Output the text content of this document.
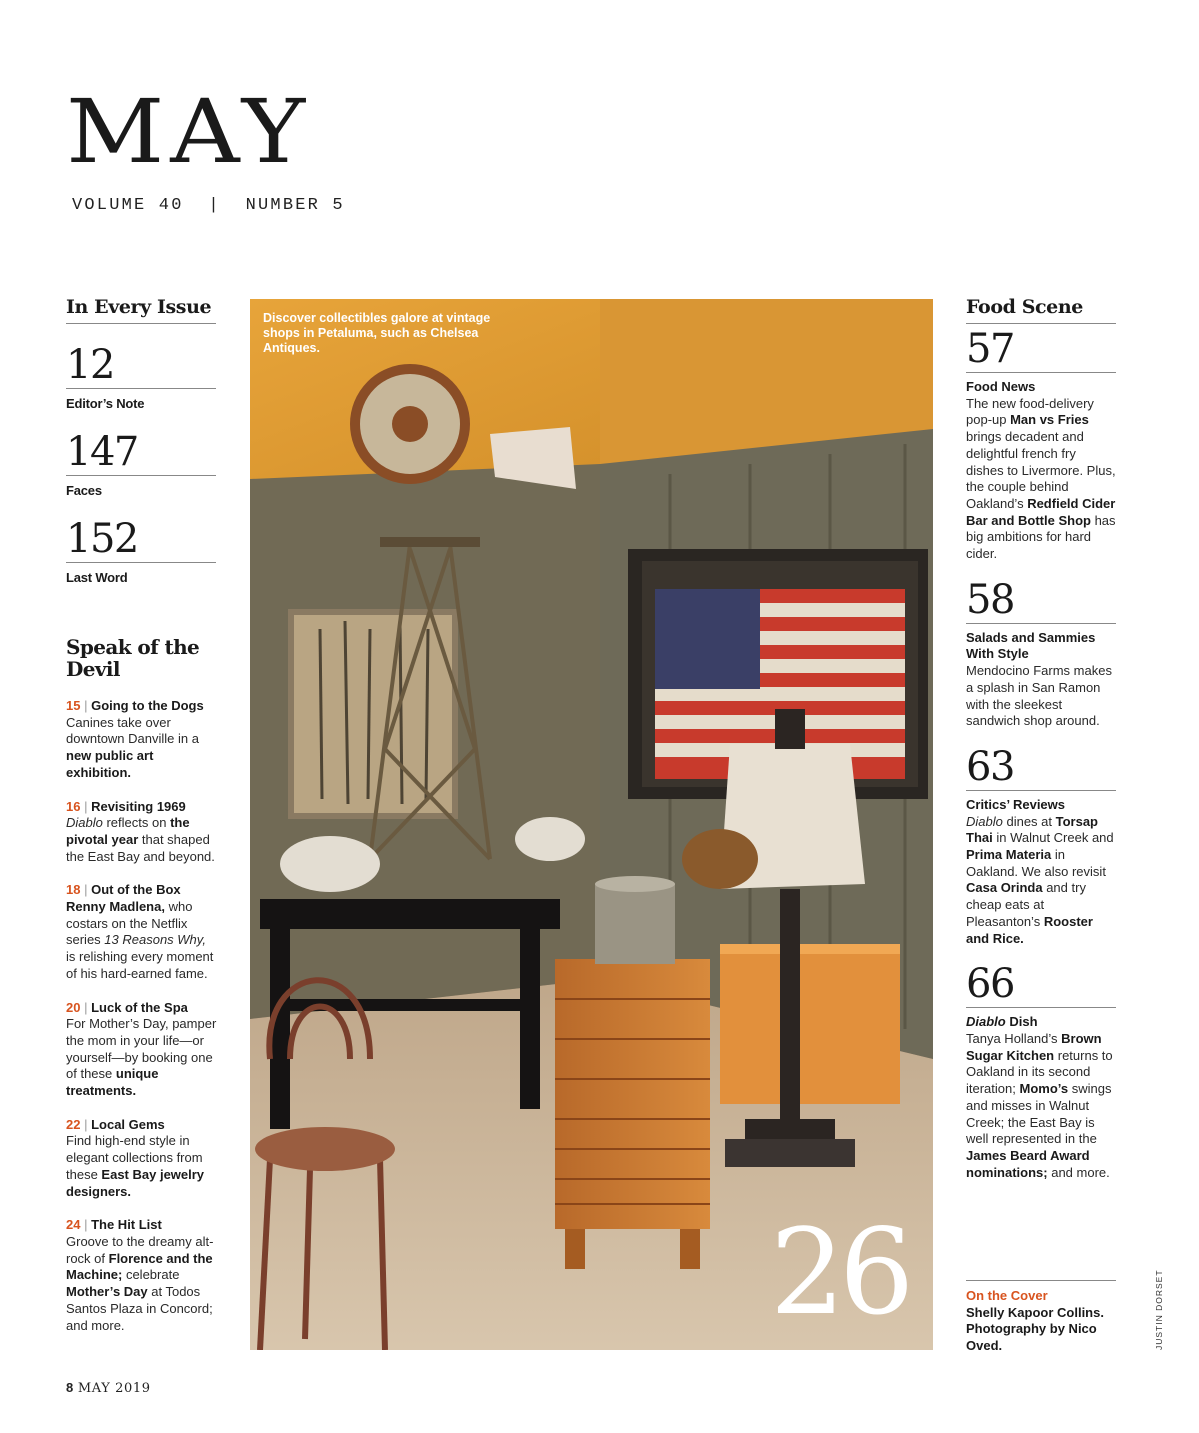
MAY
VOLUME 40  |  NUMBER 5
In Every Issue
12
Editor’s Note
147
Faces
152
Last Word
Speak of the Devil
15 | Going to the Dogs
Canines take over downtown Danville in a new public art exhibition.
16 | Revisiting 1969
Diablo reflects on the pivotal year that shaped the East Bay and beyond.
18 | Out of the Box
Renny Madlena, who costars on the Netflix series 13 Reasons Why, is relishing every moment of his hard-earned fame.
20 | Luck of the Spa
For Mother’s Day, pamper the mom in your life—or yourself—by booking one of these unique treatments.
22 | Local Gems
Find high-end style in elegant collections from these East Bay jewelry designers.
24 | The Hit List
Groove to the dreamy alt-rock of Florence and the Machine; celebrate Mother’s Day at Todos Santos Plaza in Concord; and more.
Discover collectibles galore at vintage shops in Petaluma, such as Chelsea Antiques.
26
Food Scene
57
Food News
The new food-delivery pop-up Man vs Fries brings decadent and delightful french fry dishes to Livermore. Plus, the couple behind Oakland’s Redfield Cider Bar and Bottle Shop has big ambitions for hard cider.
58
Salads and Sammies With Style
Mendocino Farms makes a splash in San Ramon with the sleekest sandwich shop around.
63
Critics’ Reviews
Diablo dines at Torsap Thai in Walnut Creek and Prima Materia in Oakland. We also revisit Casa Orinda and try cheap eats at Pleasanton’s Rooster and Rice.
66
Diablo Dish
Tanya Holland’s Brown Sugar Kitchen returns to Oakland in its second iteration; Momo’s swings and misses in Walnut Creek; the East Bay is well represented in the James Beard Award nominations; and more.
On the Cover
Shelly Kapoor Collins. Photography by Nico Oved.	JUSTIN DORSET
8 MAY 2019
